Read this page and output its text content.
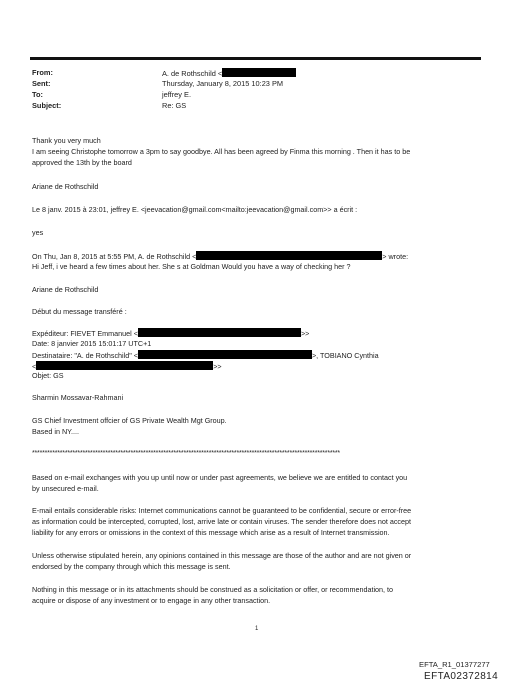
From:	A. de Rothschild <
Sent:	Thursday, January 8, 2015 10:23 PM
To:	jeffrey E.
Subject:	Re: GS
Thank you very much
I am seeing Christophe tomorrow a 3pm to say goodbye. All has been agreed by Finma this morning . Then it has to be
approved the 13th by the board
Ariane de Rothschild
Le 8 janv. 2015 à 23:01, jeffrey E. <jeevacation@gmail.com<mailto:jeevacation@gmail.com>> a écrit :
yes
On Thu, Jan 8, 2015 at 5:55 PM, A. de Rothschild <	> wrote:
Hi Jeff, i ve heard a few times about her. She s at Goldman Would you have a way of checking her ?
Ariane de Rothschild
Début du message transféré :
Expéditeur: FIEVET Emmanuel <	>>
Date: 8 janvier 2015 15:01:17 UTC+1
Destinataire: "A. de Rothschild" <	>, TOBIANO Cynthia
<	>>
Objet: GS
Sharmin Mossavar-Rahmani
GS Chief Investment offcier of GS Private Wealth Mgt Group.
Based in NY....
**************************************************************************************************************************
Based on e-mail exchanges with you up until now or under past agreements, we believe we are entitled to contact you
by unsecured e-mail.
E-mail entails considerable risks: Internet communications cannot be guaranteed to be confidential, secure or error-free
as information could be intercepted, corrupted, lost, arrive late or contain viruses. The sender therefore does not accept
liability for any errors or omissions in the context of this message which arise as a result of Internet transmission.
Unless otherwise stipulated herein, any opinions contained in this message are those of the author and are not given or
endorsed by the company through which this message is sent.
Nothing in this message or in its attachments should be construed as a solicitation or offer, or recommendation, to
acquire or dispose of any investment or to engage in any other transaction.
1
EFTA_R1_01377277
EFTA02372814
